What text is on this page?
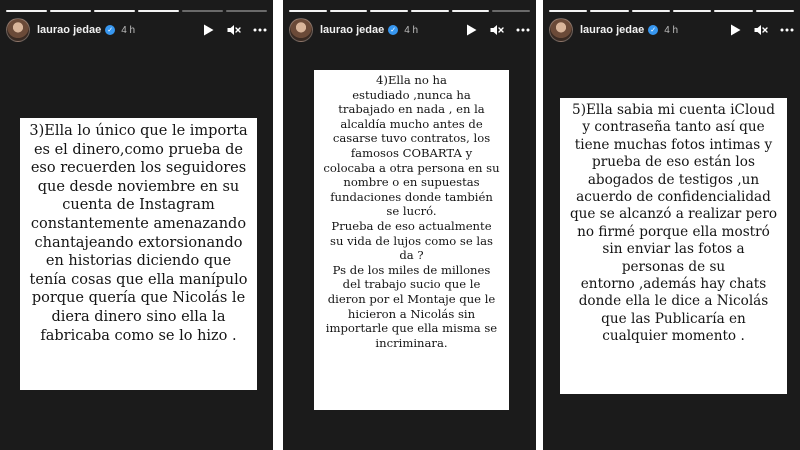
laurao jedae ✓ 4 h

3)Ella lo único que le importa
es el dinero,como prueba de
eso recuerden los seguidores
que desde noviembre en su
cuenta de Instagram
constantemente amenazando
chantajeando extorsionando
en historias diciendo que
tenía cosas que ella manípulo
porque quería que Nicolás le
diera dinero sino ella la
fabricaba como se lo hizo .

laurao jedae ✓ 4 h

4)Ella no ha
estudiado ,nunca ha
trabajado en nada , en la
alcaldía mucho antes de
casarse tuvo contratos, los
famosos COBARTA y
colocaba a otra persona en su
nombre o en supuestas
fundaciones donde también
se lucró.
Prueba de eso actualmente
su vida de lujos como se las
da ?
Ps de los miles de millones
del trabajo sucio que le
dieron por el Montaje que le
hicieron a Nicolás sin
importarle que ella misma se
incriminara.

laurao jedae ✓ 4 h

5)Ella sabia mi cuenta iCloud
y contraseña tanto así que
tiene muchas fotos intimas y
prueba de eso están los
abogados de testigos ,un
acuerdo de confidencialidad
que se alcanzó a realizar pero
no firmé porque ella mostró
sin enviar las fotos a
personas de su
entorno ,además hay chats
donde ella le dice a Nicolás
que las Publicaría en
cualquier momento .
